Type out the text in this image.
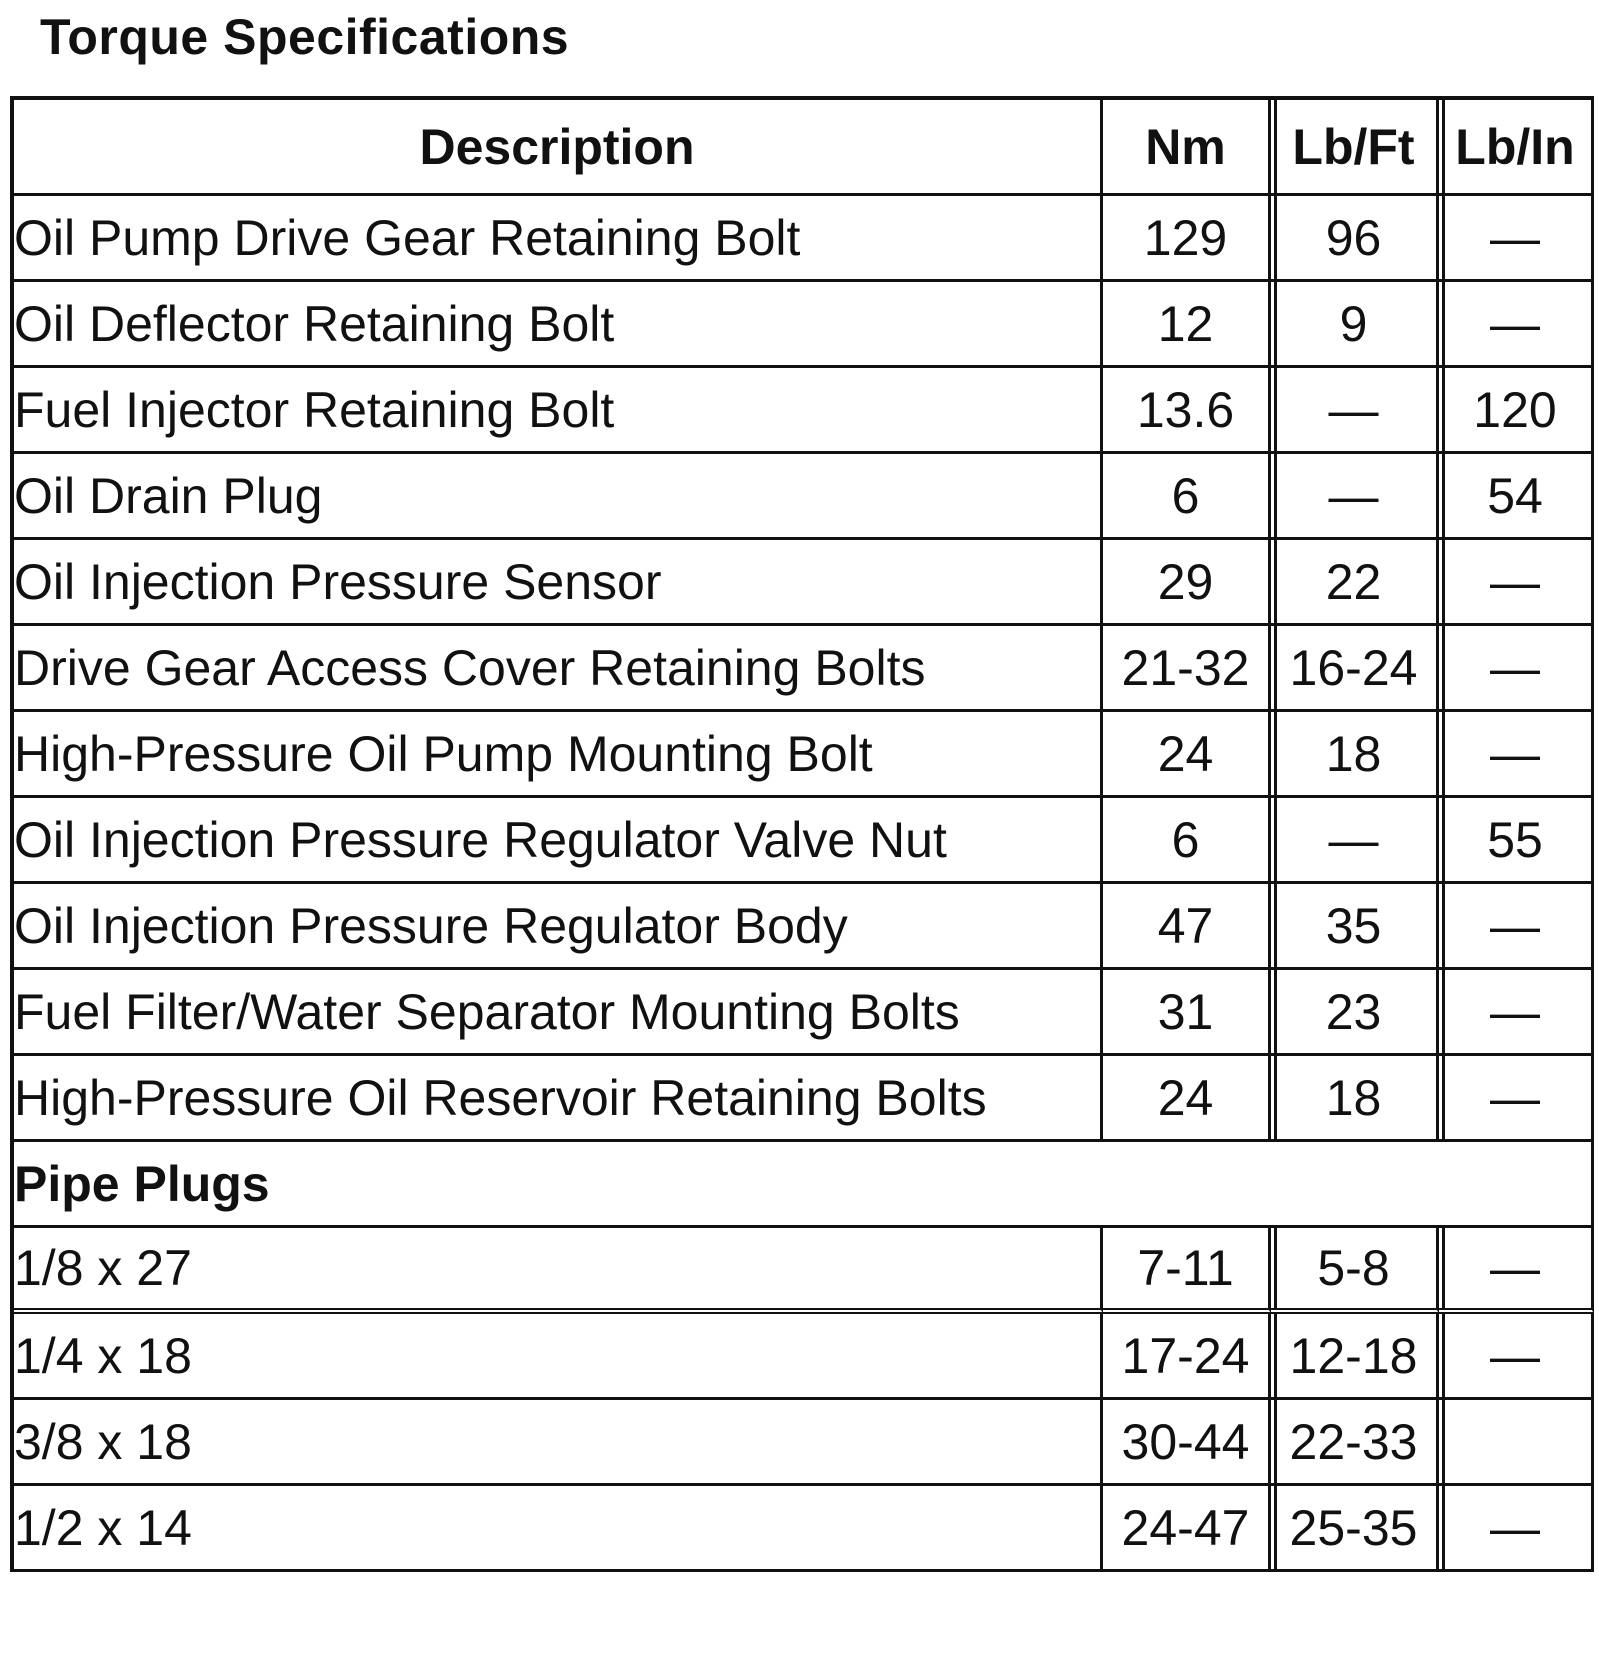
Torque Specifications
Description	Nm	Lb/Ft	Lb/In
Oil Pump Drive Gear Retaining Bolt	129	96	—
Oil Deflector Retaining Bolt	12	9	—
Fuel Injector Retaining Bolt	13.6	—	120
Oil Drain Plug	6	—	54
Oil Injection Pressure Sensor	29	22	—
Drive Gear Access Cover Retaining Bolts	21-32	16-24	—
High-Pressure Oil Pump Mounting Bolt	24	18	—
Oil Injection Pressure Regulator Valve Nut	6	—	55
Oil Injection Pressure Regulator Body	47	35	—
Fuel Filter/Water Separator Mounting Bolts	31	23	—
High-Pressure Oil Reservoir Retaining Bolts	24	18	—
Pipe Plugs			
1/8 x 27	7-11	5-8	—
1/4 x 18	17-24	12-18	—
3/8 x 18	30-44	22-33	
1/2 x 14	24-47	25-35	—
